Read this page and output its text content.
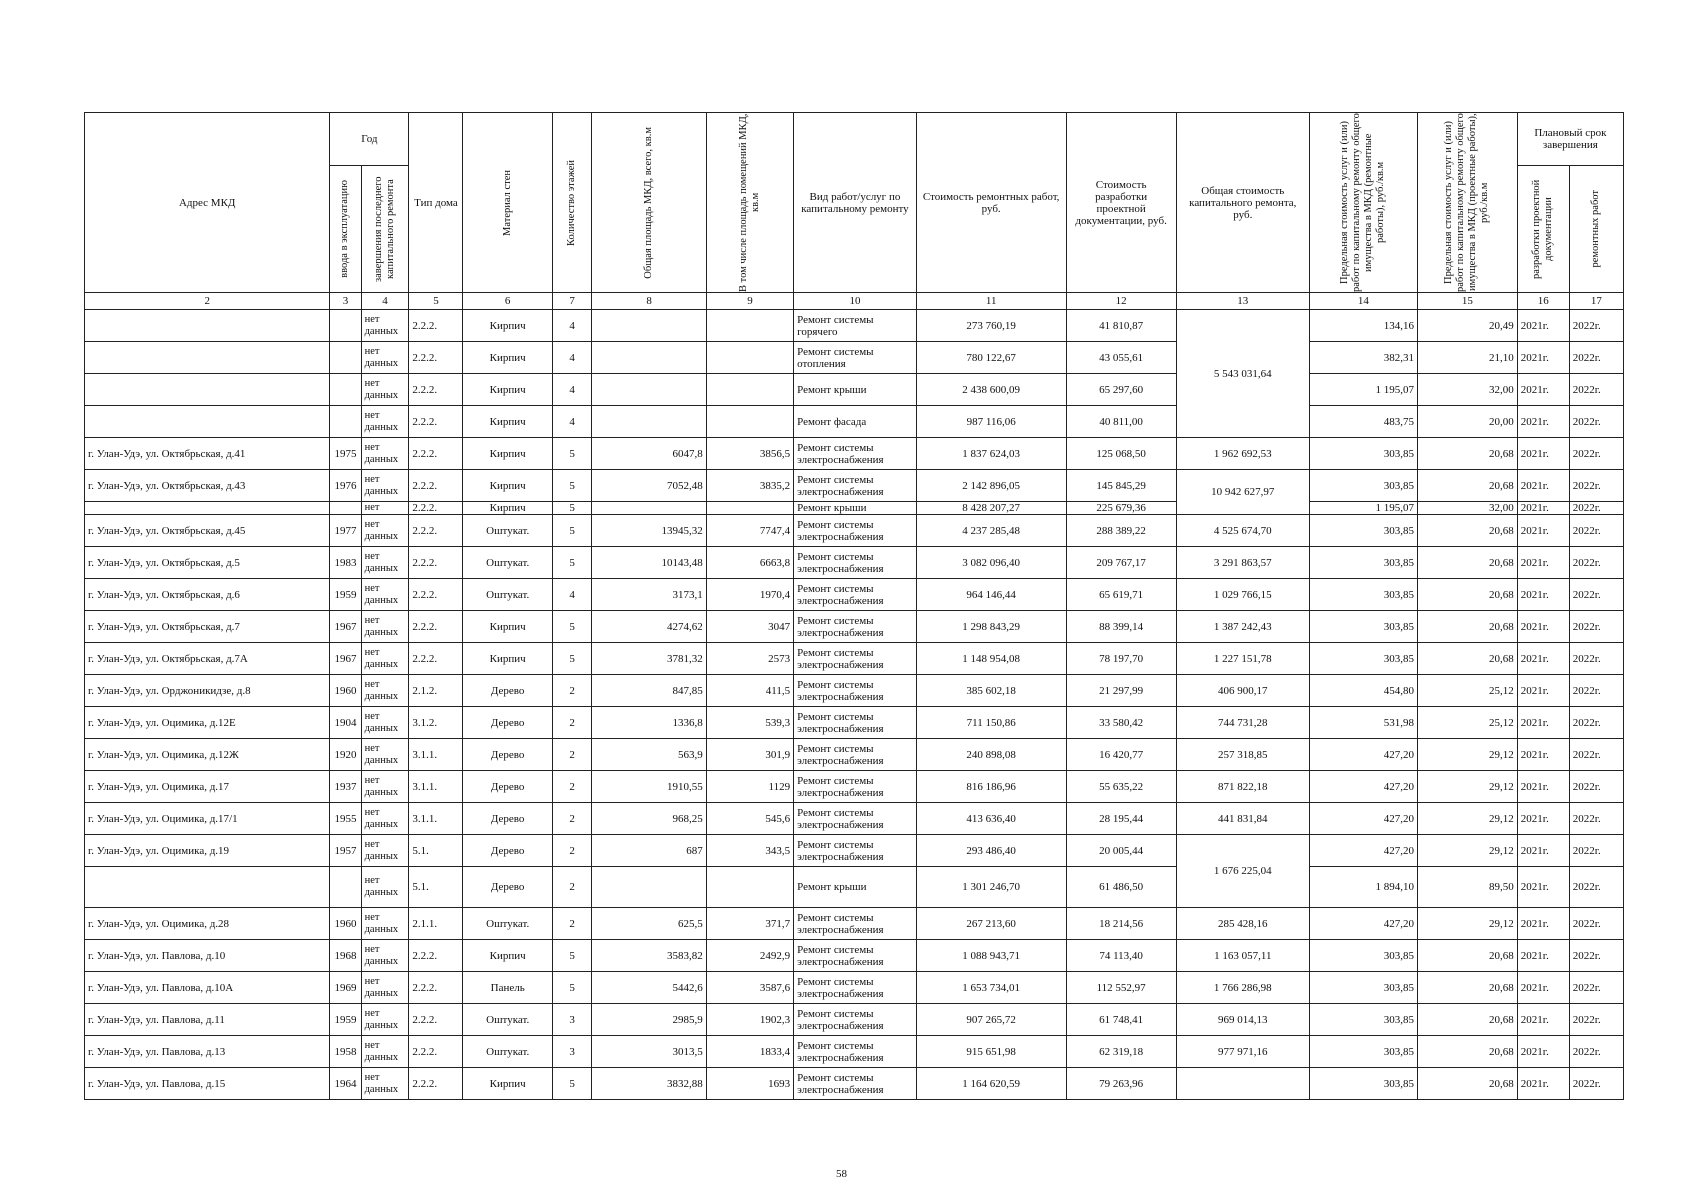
Адрес МКД	Год		Тип дома	Материал стен	Количество этажей	Общая площадь МКД, всего, кв.м	В том числе площадь помещений МКД, кв.м	Вид работ/услуг по капитальному ремонту	Стоимость ремонтных работ, руб.	Стоимость разработки проектной документации, руб.	Общая стоимость капитального ремонта, руб.	Предельная стоимость услуг и (или) работ по капитальному ремонту общего имущества в МКД (ремонтные работы), руб./кв.м	Предельная стоимость услуг и (или) работ по капитальному ремонту общего имущества в МКД (проектные работы), руб./кв.м	Плановый срок завершения	

	ввода в эксплуатацию	завершения последнего капитального ремонта												разработки проектной документации	ремонтных работ

2	3	4	5	6	7	8	9	10	11	12	13	14	15	16	17
		нет данных	2.2.2.	Кирпич	4			Ремонт системы горячего	273 760,19	41 810,87	5 543 031,64	134,16	20,49	2021г.	2022г.
		нет данных	2.2.2.	Кирпич	4			Ремонт системы отопления	780 122,67	43 055,61		382,31	21,10	2021г.	2022г.
		нет данных	2.2.2.	Кирпич	4			Ремонт крыши	2 438 600,09	65 297,60		1 195,07	32,00	2021г.	2022г.
		нет данных	2.2.2.	Кирпич	4			Ремонт фасада	987 116,06	40 811,00		483,75	20,00	2021г.	2022г.
г. Улан-Удэ, ул. Октябрьская, д.41	1975	нет данных	2.2.2.	Кирпич	5	6047,8	3856,5	Ремонт системы электроснабжения	1 837 624,03	125 068,50	1 962 692,53	303,85	20,68	2021г.	2022г.
г. Улан-Удэ, ул. Октябрьская, д.43	1976	нет данных	2.2.2.	Кирпич	5	7052,48	3835,2	Ремонт системы электроснабжения	2 142 896,05	145 845,29	10 942 627,97	303,85	20,68	2021г.	2022г.
		нет	2.2.2.	Кирпич	5			Ремонт крыши	8 428 207,27	225 679,36		1 195,07	32,00	2021г.	2022г.
г. Улан-Удэ, ул. Октябрьская, д.45	1977	нет данных	2.2.2.	Оштукат.	5	13945,32	7747,4	Ремонт системы электроснабжения	4 237 285,48	288 389,22	4 525 674,70	303,85	20,68	2021г.	2022г.
г. Улан-Удэ, ул. Октябрьская, д.5	1983	нет данных	2.2.2.	Оштукат.	5	10143,48	6663,8	Ремонт системы электроснабжения	3 082 096,40	209 767,17	3 291 863,57	303,85	20,68	2021г.	2022г.
г. Улан-Удэ, ул. Октябрьская, д.6	1959	нет данных	2.2.2.	Оштукат.	4	3173,1	1970,4	Ремонт системы электроснабжения	964 146,44	65 619,71	1 029 766,15	303,85	20,68	2021г.	2022г.
г. Улан-Удэ, ул. Октябрьская, д.7	1967	нет данных	2.2.2.	Кирпич	5	4274,62	3047	Ремонт системы электроснабжения	1 298 843,29	88 399,14	1 387 242,43	303,85	20,68	2021г.	2022г.
г. Улан-Удэ, ул. Октябрьская, д.7А	1967	нет данных	2.2.2.	Кирпич	5	3781,32	2573	Ремонт системы электроснабжения	1 148 954,08	78 197,70	1 227 151,78	303,85	20,68	2021г.	2022г.
г. Улан-Удэ, ул. Орджоникидзе, д.8	1960	нет данных	2.1.2.	Дерево	2	847,85	411,5	Ремонт системы электроснабжения	385 602,18	21 297,99	406 900,17	454,80	25,12	2021г.	2022г.
г. Улан-Удэ, ул. Оцимика, д.12Е	1904	нет данных	3.1.2.	Дерево	2	1336,8	539,3	Ремонт системы электроснабжения	711 150,86	33 580,42	744 731,28	531,98	25,12	2021г.	2022г.
г. Улан-Удэ, ул. Оцимика, д.12Ж	1920	нет данных	3.1.1.	Дерево	2	563,9	301,9	Ремонт системы электроснабжения	240 898,08	16 420,77	257 318,85	427,20	29,12	2021г.	2022г.
г. Улан-Удэ, ул. Оцимика, д.17	1937	нет данных	3.1.1.	Дерево	2	1910,55	1129	Ремонт системы электроснабжения	816 186,96	55 635,22	871 822,18	427,20	29,12	2021г.	2022г.
г. Улан-Удэ, ул. Оцимика, д.17/1	1955	нет данных	3.1.1.	Дерево	2	968,25	545,6	Ремонт системы электроснабжения	413 636,40	28 195,44	441 831,84	427,20	29,12	2021г.	2022г.
г. Улан-Удэ, ул. Оцимика, д.19	1957	нет данных	5.1.	Дерево	2	687	343,5	Ремонт системы электроснабжения	293 486,40	20 005,44	1 676 225,04	427,20	29,12	2021г.	2022г.
		нет данных	5.1.	Дерево	2			Ремонт крыши	1 301 246,70	61 486,50		1 894,10	89,50	2021г.	2022г.
г. Улан-Удэ, ул. Оцимика, д.28	1960	нет данных	2.1.1.	Оштукат.	2	625,5	371,7	Ремонт системы электроснабжения	267 213,60	18 214,56	285 428,16	427,20	29,12	2021г.	2022г.
г. Улан-Удэ, ул. Павлова, д.10	1968	нет данных	2.2.2.	Кирпич	5	3583,82	2492,9	Ремонт системы электроснабжения	1 088 943,71	74 113,40	1 163 057,11	303,85	20,68	2021г.	2022г.
г. Улан-Удэ, ул. Павлова, д.10А	1969	нет данных	2.2.2.	Панель	5	5442,6	3587,6	Ремонт системы электроснабжения	1 653 734,01	112 552,97	1 766 286,98	303,85	20,68	2021г.	2022г.
г. Улан-Удэ, ул. Павлова, д.11	1959	нет данных	2.2.2.	Оштукат.	3	2985,9	1902,3	Ремонт системы электроснабжения	907 265,72	61 748,41	969 014,13	303,85	20,68	2021г.	2022г.
г. Улан-Удэ, ул. Павлова, д.13	1958	нет данных	2.2.2.	Оштукат.	3	3013,5	1833,4	Ремонт системы электроснабжения	915 651,98	62 319,18	977 971,16	303,85	20,68	2021г.	2022г.
г. Улан-Удэ, ул. Павлова, д.15	1964	нет данных	2.2.2.	Кирпич	5	3832,88	1693	Ремонт системы электроснабжения	1 164 620,59	79 263,96		303,85	20,68	2021г.	2022г.
58
